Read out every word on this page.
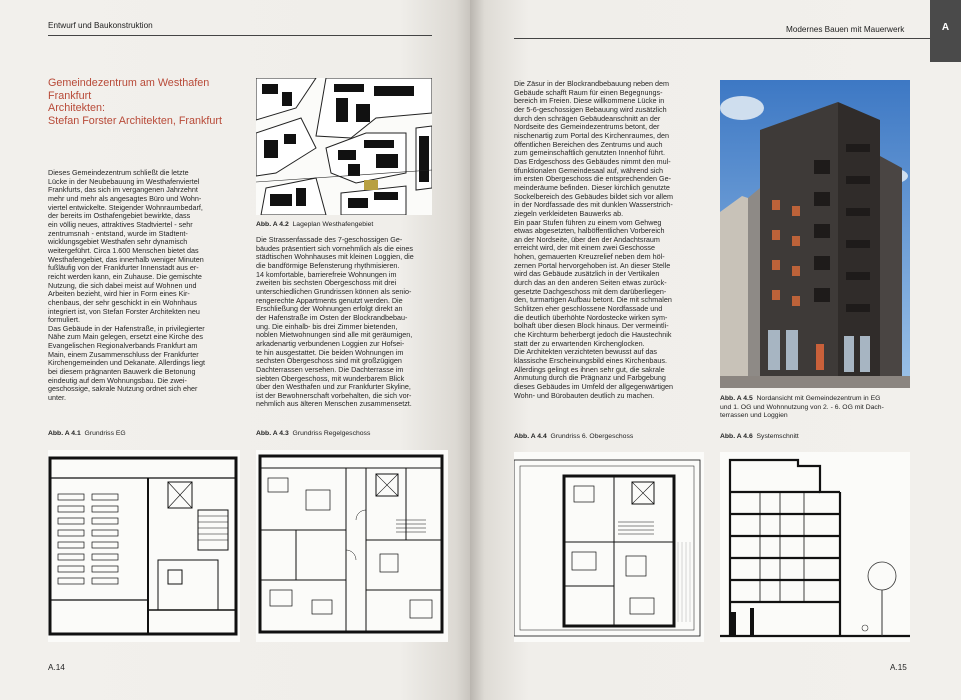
Entwurf und Baukonstruktion
Gemeindezentrum am Westhafen
Frankfurt
Architekten:
Stefan Forster Architekten, Frankfurt
Abb. A 4.2 Lageplan Westhafengebiet
Dieses Gemeindezentrum schließt die letzte
Lücke in der Neubebauung im Westhafenviertel
Frankfurts, das sich im vergangenen Jahrzehnt
mehr und mehr als angesagtes Büro und Wohn-
viertel entwickelte. Steigender Wohnraumbedarf,
der bereits im Osthafengebiet bewirkte, dass
ein völlig neues, attraktives Stadtviertel - sehr
zentrumsnah - entstand, wurde im Stadtent-
wicklungsgebiet Westhafen sehr dynamisch
weitergeführt. Circa 1.600 Menschen bietet das
Westhafengebiet, das innerhalb weniger Minuten
fußläufig von der Frankfurter Innenstadt aus er-
reicht werden kann, ein Zuhause. Die gemischte
Nutzung, die sich dabei meist auf Wohnen und
Arbeiten bezieht, wird hier in Form eines Kir-
chenbaus, der sehr geschickt in ein Wohnhaus
integriert ist, von Stefan Forster Architekten neu
formuliert.
Das Gebäude in der Hafenstraße, in privilegierter
Nähe zum Main gelegen, ersetzt eine Kirche des
Evangelischen Regionalverbands Frankfurt am
Main, einem Zusammenschluss der Frankfurter
Kirchengemeinden und Dekanate. Allerdings liegt
bei diesem prägnanten Bauwerk die Betonung
eindeutig auf dem Wohnungsbau. Die zwei-
geschossige, sakrale Nutzung ordnet sich eher
unter.
Die Strassenfassade des 7-geschossigen Ge-
bäudes präsentiert sich vornehmlich als die eines
städtischen Wohnhauses mit kleinen Loggien, die
die bandförmige Befensterung rhythmisieren.
14 komfortable, barrierefreie Wohnungen im
zweiten bis sechsten Obergeschoss mit drei
unterschiedlichen Grundrissen können als senio-
rengerechte Appartments genutzt werden. Die
Erschließung der Wohnungen erfolgt direkt an
der Hafenstraße im Osten der Blockrandbebau-
ung. Die einhalb- bis drei Zimmer bietenden,
noblen Mietwohnungen sind alle mit geräumigen,
arkadenartig verbundenen Loggien zur Hofsei-
te hin ausgestattet. Die beiden Wohnungen im
sechsten Obergeschoss sind mit großzügigen
Dachterrassen versehen. Die Dachterrasse im
siebten Obergeschoss, mit wunderbarem Blick
über den Westhafen und zur Frankfurter Skyline,
ist der Bewohnerschaft vorbehalten, die sich vor-
nehmlich aus älteren Menschen zusammensetzt.
Abb. A 4.1 Grundriss EG	Abb. A 4.3 Grundriss Regelgeschoss
A.14
Modernes Bauen mit Mauerwerk	A
Die Zäsur in der Blockrandbebauung neben dem
Gebäude schafft Raum für einen Begegnungs-
bereich im Freien. Diese willkommene Lücke in
der 5-6-geschossigen Bebauung wird zusätzlich
durch den schrägen Gebäudeanschnitt an der
Nordseite des Gemeindezentrums betont, der
nischenartig zum Portal des Kirchenraumes, den
öffentlichen Bereichen des Zentrums und auch
zum gemeinschaftlich genutzten Innenhof führt.
Das Erdgeschoss des Gebäudes nimmt den mul-
tifunktionalen Gemeindesaal auf, während sich
im ersten Obergeschoss die entsprechenden Ge-
meinderäume befinden. Dieser kirchlich genutzte
Sockelbereich des Gebäudes bildet sich vor allem
in der Nordfassade des mit dunklen Wasserstrich-
ziegeln verkleideten Bauwerks ab.
Ein paar Stufen führen zu einem vom Gehweg
etwas abgesetzten, halböffentlichen Vorbereich
an der Nordseite, über den der Andachtsraum
erreicht wird, der mit einem zwei Geschosse
hohen, gemauerten Kreuzrelief neben dem höl-
zernen Portal hervorgehoben ist. An dieser Stelle
wird das Gebäude zusätzlich in der Vertikalen
durch das an den anderen Seiten etwas zurück-
gesetzte Dachgeschoss mit dem darüberliegen-
den, turmartigen Aufbau betont. Die mit schmalen
Schlitzen eher geschlossene Nordfassade und
die deutlich überhöhte Nordostecke wirken sym-
bolhaft über diesen Block hinaus. Der vermeintli-
che Kirchturm beherbergt jedoch die Haustechnik
statt der zu erwartenden Kirchenglocken.
Die Architekten verzichteten bewusst auf das
klassische Erscheinungsbild eines Kirchenbaus.
Allerdings gelingt es ihnen sehr gut, die sakrale
Anmutung durch die Prägnanz und Farbgebung
dieses Gebäudes im Umfeld der allgegenwärtigen
Wohn- und Bürobauten deutlich zu machen.	Abb. A 4.5 Nordansicht mit Gemeindezentrum in EG
und 1. OG und Wohnnutzung von 2. - 6. OG mit Dach-
terrassen und Loggien
Abb. A 4.4 Grundriss 6. Obergeschoss	Abb. A 4.6 Systemschnitt
A.15
